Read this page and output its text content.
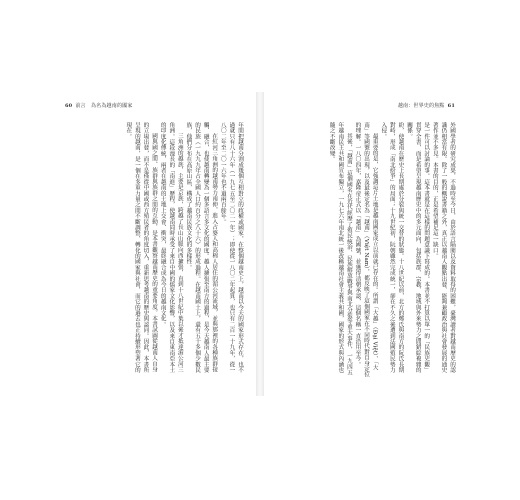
60 前言　為名為越南的國家

年間把越南分割成幾個互相對立的政權或國家，在整個越南史上，越南以今天的國家形式存在，也不過就只有八十六年（一九七五至二〇二一年）；即使從一八〇二年起算，也只有二百一十九年，從一八〇二年至二〇一六年也不過兩百餘年。

在紅河三角洲的越南勢力南伸，進入占婆人和高棉人居住的湄公河流域，並與那裡的各種族群接觸、融合，也使越南轉變為一個多語言多文化的國度。越人擴張至南方的過程，是今天越南人最主要的民族（一九九九年占全國人口約百分之八十六）的形成過程。在越南國土上，還有五十多個少數民族，他們分布在高原山區，構成了越南民族文化的多樣性。

三角洲的越族，主要是京族，跨越了長山山脈向西擴張，直到十八世紀中葉以後才抵達湄公河三角洲。這段漫長的「南進」歷程，使越南同時承受了來自中國的儒家文化影響，以及來自東南亞本土的印度化傳統，兩者在越南的土地上交會、衝突，最終融合成為今日的越南文化。

國與國之間、族群與族群之間的互動，是本書觀察越南歷史的重要角度。本書試圖從越南人自身的立場出發，而不是僅從中國或西方殖民者的角度切入，重新思考越南的歷史與認同。因此，本書所呈現的越南，是一個在多重力量之間不斷調整、轉化的國家與社會，而它的過去也正持續形塑著它的現在。

越南：世界史的焦點 61

外國學者的研究成果，不過時至今日，由於語言隔閡以及資料取得的困難，臺灣讀者對越南歷史的認識仍相當有限。除了一般的概說書籍之外，真正以越南人觀點出發、能夠兼顧政治與社會發展的通史著作並不多見。本書的目的，正是希望補足這一缺口。

是一件可以討論的事。這本書就是在這樣的問題意識下寫成的。本書並不打算以單一的「民族史觀」貫穿全書，而是希望呈現越南歷史中的多元面向，包括族群、宗教、地域與外來勢力之間錯綜複雜的關係。

紛，使越南在歷史上長期處於分裂與統一交替的狀態。十八世紀以前，北方的鄭氏與南方的阮氏長期對峙，形成「南北紛爭」的局面；十九世紀初，阮朝雖然完成統一，卻在不久之後遭到法國殖民勢力入侵。

最重要的是，它強調這片土地是越南國家成立以前就已存在的。所謂「大越」（Đại Việt）、「大南」等國號的出現，以及最後定名為「越南」（Việt Nam），都反映了這個國家在不同時代對自身定位的理解。一八〇四年，嘉隆帝正式以「越南」為國號，並獲得清朝承認，這個名稱一直沿用至今。

其後，「越南」這個國名在近代經歷了殖民統治、民族解放戰爭與南北分裂等重大事件，一九四五年越南民主共和國宣布獨立，一九七六年南北統一後改稱越南社會主義共和國，國家的形式與內涵也隨之不斷改變。
